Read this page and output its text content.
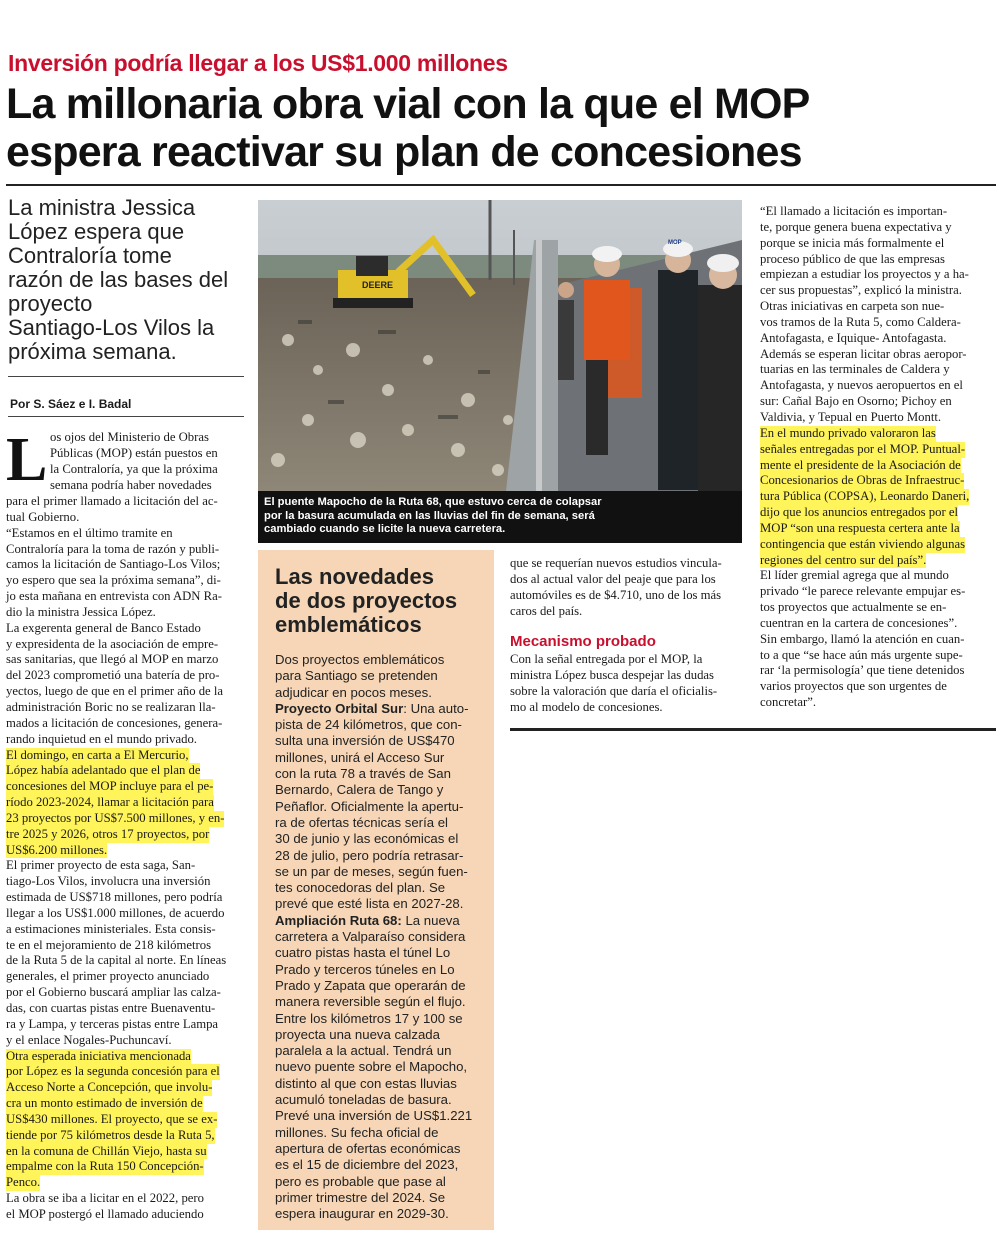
Inversión podría llegar a los US$1.000 millones
La millonaria obra vial con la que el MOP
espera reactivar su plan de concesiones
La ministra Jessica
López espera que
Contraloría tome
razón de las bases del
proyecto
Santiago-Los Vilos la
próxima semana.
Por S. Sáez e I. Badal
L os ojos del Ministerio de Obras
Públicas (MOP) están puestos en
la Contraloría, ya que la próxima
semana podría haber novedades
para el primer llamado a licitación del ac-
tual Gobierno.
“Estamos en el último tramite en
Contraloría para la toma de razón y publi-
camos la licitación de Santiago-Los Vilos;
yo espero que sea la próxima semana”, di-
jo esta mañana en entrevista con ADN Ra-
dio la ministra Jessica López.
La exgerenta general de Banco Estado
y expresidenta de la asociación de empre-
sas sanitarias, que llegó al MOP en marzo
del 2023 comprometió una batería de pro-
yectos, luego de que en el primer año de la
administración Boric no se realizaran lla-
mados a licitación de concesiones, genera-
rando inquietud en el mundo privado.
El domingo, en carta a El Mercurio,
López había adelantado que el plan de
concesiones del MOP incluye para el pe-
ríodo 2023-2024, llamar a licitación para
23 proyectos por US$7.500 millones, y en-
tre 2025 y 2026, otros 17 proyectos, por
US$6.200 millones.
El primer proyecto de esta saga, San-
tiago-Los Vilos, involucra una inversión
estimada de US$718 millones, pero podría
llegar a los US$1.000 millones, de acuerdo
a estimaciones ministeriales. Esta consis-
te en el mejoramiento de 218 kilómetros
de la Ruta 5 de la capital al norte. En líneas
generales, el primer proyecto anunciado
por el Gobierno buscará ampliar las calza-
das, con cuartas pistas entre Buenaventu-
ra y Lampa, y terceras pistas entre Lampa
y el enlace Nogales-Puchuncaví.
Otra esperada iniciativa mencionada
por López es la segunda concesión para el
Acceso Norte a Concepción, que involu-
cra un monto estimado de inversión de
US$430 millones. El proyecto, que se ex-
tiende por 75 kilómetros desde la Ruta 5,
en la comuna de Chillán Viejo, hasta su
empalme con la Ruta 150 Concepción-
Penco.
La obra se iba a licitar en el 2022, pero
el MOP postergó el llamado aduciendo
DEERE
MOP
El puente Mapocho de la Ruta 68, que estuvo cerca de colapsar
por la basura acumulada en las lluvias del fin de semana, será
cambiado cuando se licite la nueva carretera.
Las novedades
de dos proyectos
emblemáticos
Dos proyectos emblemáticos
para Santiago se pretenden
adjudicar en pocos meses.
Proyecto Orbital Sur: Una auto-
pista de 24 kilómetros, que con-
sulta una inversión de US$470
millones, unirá el Acceso Sur
con la ruta 78 a través de San
Bernardo, Calera de Tango y
Peñaflor. Oficialmente la apertu-
ra de ofertas técnicas sería el
30 de junio y las económicas el
28 de julio, pero podría retrasar-
se un par de meses, según fuen-
tes conocedoras del plan. Se
prevé que esté lista en 2027-28.
Ampliación Ruta 68: La nueva
carretera a Valparaíso considera
cuatro pistas hasta el túnel Lo
Prado y terceros túneles en Lo
Prado y Zapata que operarán de
manera reversible según el flujo.
Entre los kilómetros 17 y 100 se
proyecta una nueva calzada
paralela a la actual. Tendrá un
nuevo puente sobre el Mapocho,
distinto al que con estas lluvias
acumuló toneladas de basura.
Prevé una inversión de US$1.221
millones. Su fecha oficial de
apertura de ofertas económicas
es el 15 de diciembre del 2023,
pero es probable que pase al
primer trimestre del 2024. Se
espera inaugurar en 2029-30.
que se requerían nuevos estudios vincula-
dos al actual valor del peaje que para los
automóviles es de $4.710, uno de los más
caros del país.
Mecanismo probado
Con la señal entregada por el MOP, la
ministra López busca despejar las dudas
sobre la valoración que daría el oficialis-
mo al modelo de concesiones.
“El llamado a licitación es importan-
te, porque genera buena expectativa y
porque se inicia más formalmente el
proceso público de que las empresas
empiezan a estudiar los proyectos y a ha-
cer sus propuestas”, explicó la ministra.
Otras iniciativas en carpeta son nue-
vos tramos de la Ruta 5, como Caldera-
Antofagasta, e Iquique- Antofagasta.
Además se esperan licitar obras aeropor-
tuarias en las terminales de Caldera y
Antofagasta, y nuevos aeropuertos en el
sur: Cañal Bajo en Osorno; Pichoy en
Valdivia, y Tepual en Puerto Montt.
En el mundo privado valoraron las
señales entregadas por el MOP. Puntual-
mente el presidente de la Asociación de
Concesionarios de Obras de Infraestruc-
tura Pública (COPSA), Leonardo Daneri,
dijo que los anuncios entregados por el
MOP “son una respuesta certera ante la
contingencia que están viviendo algunas
regiones del centro sur del país”.
El líder gremial agrega que al mundo
privado “le parece relevante empujar es-
tos proyectos que actualmente se en-
cuentran en la cartera de concesiones”.
Sin embargo, llamó la atención en cuan-
to a que “se hace aún más urgente supe-
rar ‘la permisología’ que tiene detenidos
varios proyectos que son urgentes de
concretar”.
